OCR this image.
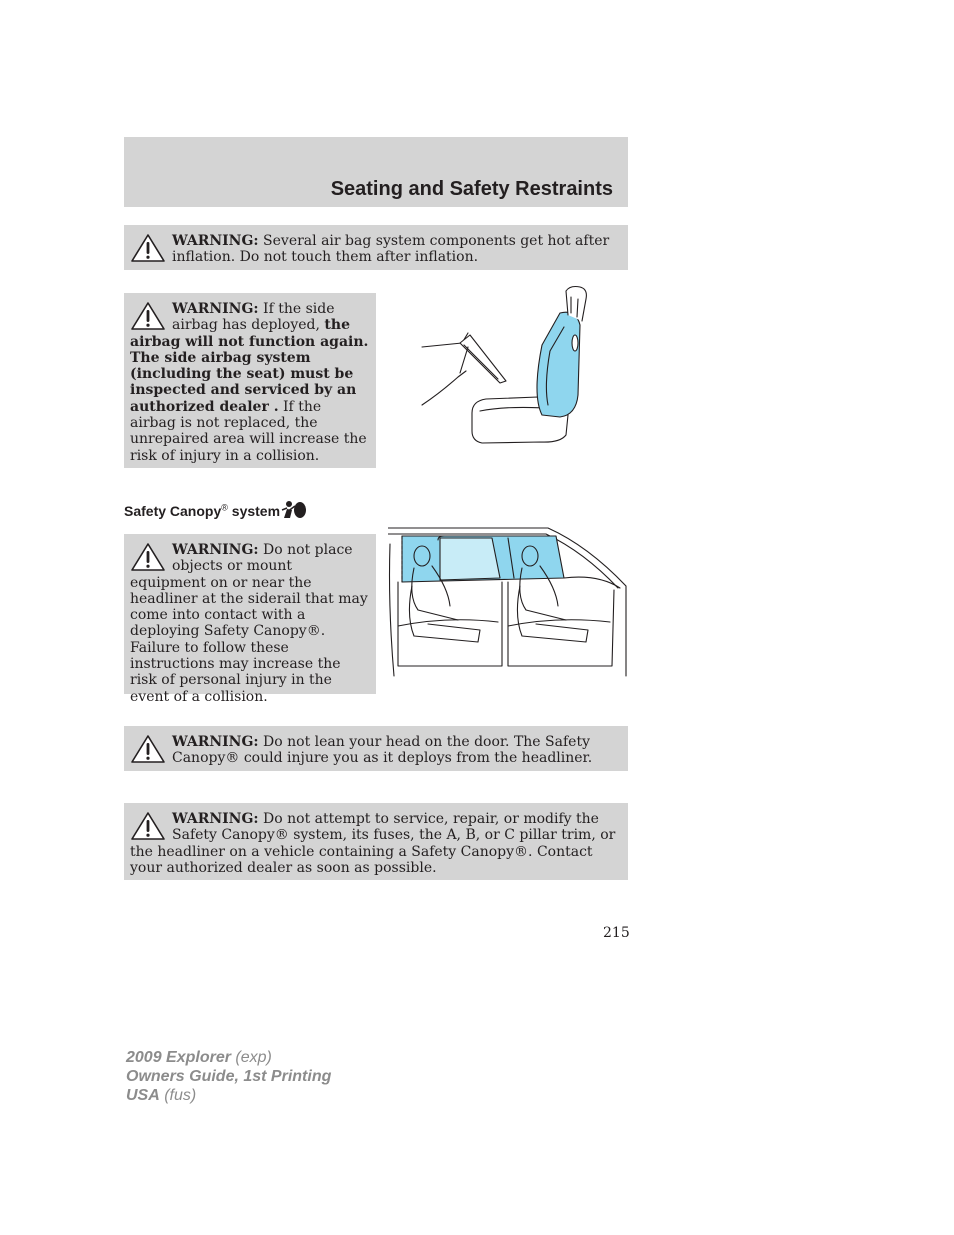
Seating and Safety Restraints
WARNING: Several air bag system components get hot after inflation. Do not touch them after inflation.
WARNING: If the side airbag has deployed, the airbag will not function again. The side airbag system (including the seat) must be inspected and serviced by an authorized dealer . If the airbag is not replaced, the unrepaired area will increase the risk of injury in a collision.
Safety Canopy® system
WARNING: Do not place objects or mount equipment on or near the headliner at the siderail that may come into contact with a deploying Safety Canopy®. Failure to follow these instructions may increase the risk of personal injury in the event of a collision.
WARNING: Do not lean your head on the door. The Safety Canopy® could injure you as it deploys from the headliner.
WARNING: Do not attempt to service, repair, or modify the Safety Canopy® system, its fuses, the A, B, or C pillar trim, or the headliner on a vehicle containing a Safety Canopy®. Contact your authorized dealer as soon as possible.
215
2009 Explorer (exp)
Owners Guide, 1st Printing
USA (fus)
